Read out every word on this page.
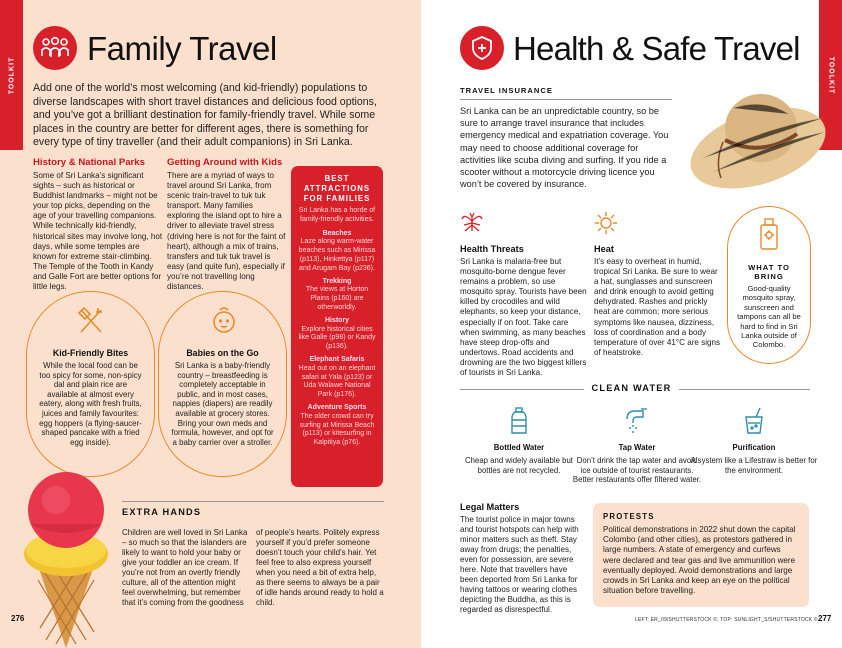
TOOLKIT
Family Travel
Add one of the world’s most welcoming (and kid-friendly) populations to diverse landscapes with short travel distances and delicious food options, and you’ve got a brilliant destination for family-friendly travel. While some places in the country are better for different ages, there is something for every type of tiny traveller (and their adult companions) in Sri Lanka.
History & National Parks
Some of Sri Lanka’s significant sights – such as historical or Buddhist landmarks – might not be your top picks, depending on the age of your travelling companions. While technically kid-friendly, historical sites may involve long, hot days, while some temples are known for extreme stair-climbing. The Temple of the Tooth in Kandy and Galle Fort are better options for little legs.
Getting Around with Kids
There are a myriad of ways to travel around Sri Lanka, from scenic train-travel to tuk tuk transport. Many families exploring the island opt to hire a driver to alleviate travel stress (driving here is not for the faint of heart), although a mix of trains, transfers and tuk tuk travel is easy (and quite fun), especially if you’re not travelling long distances.
BEST ATTRACTIONS FOR FAMILIES
Sri Lanka has a horde of family-friendly activities.
Beaches
Laze along warm-water beaches such as Mirissa (p113), Hinkettya (p117) and Arugam Bay (p236).
Trekking
The views at Horton Plains (p160) are otherworldly.
History
Explore historical cities like Galle (p98) or Kandy (p136).
Elephant Safaris
Head out on an elephant safari at Yala (p123) or Uda Walawe National Park (p176).
Adventure Sports
The older crowd can try surfing at Mirissa Beach (p113) or kitesurfing in Kalpitiya (p76).
Kid-Friendly Bites
While the local food can be too spicy for some, non-spicy dal and plain rice are available at almost every eatery, along with fresh fruits, juices and family favourites: egg hoppers (a flying-saucer-shaped pancake with a fried egg inside).
Babies on the Go
Sri Lanka is a baby-friendly country – breastfeeding is completely acceptable in public, and in most cases, nappies (diapers) are readily available at grocery stores. Bring your own meds and formula, however, and opt for a baby carrier over a stroller.
EXTRA HANDS
Children are well loved in Sri Lanka – so much so that the islanders are likely to want to hold your baby or give your toddler an ice cream. If you’re not from an overtly friendly culture, all of the attention might feel overwhelming, but remember that it’s coming from the goodness
of people’s hearts. Politely express yourself if you’d prefer someone doesn’t touch your child’s hair. Yet feel free to also express yourself when you need a bit of extra help, as there seems to always be a pair of idle hands around ready to hold a child.
276
TOOLKIT
Health & Safe Travel
TRAVEL INSURANCE
Sri Lanka can be an unpredictable country, so be sure to arrange travel insurance that includes emergency medical and expatriation coverage. You may need to choose additional coverage for activities like scuba diving and surfing. If you ride a scooter without a motorcycle driving licence you won’t be covered by insurance.
Health Threats
Sri Lanka is malaria-free but mosquito-borne dengue fever remains a problem, so use mosquito spray. Tourists have been killed by crocodiles and wild elephants, so keep your distance, especially if on foot. Take care when swimming, as many beaches have steep drop-offs and undertows. Road accidents and drowning are the two biggest killers of tourists in Sri Lanka.
Heat
It’s easy to overheat in humid, tropical Sri Lanka. Be sure to wear a hat, sunglasses and sunscreen and drink enough to avoid getting dehydrated. Rashes and prickly heat are common; more serious symptoms like nausea, dizziness, loss of coordination and a body temperature of over 41°C are signs of heatstroke.
WHAT TO BRING
Good-quality mosquito spray, sunscreen and tampons can all be hard to find in Sri Lanka outside of Colombo.
CLEAN WATER
Bottled Water
Cheap and widely available but bottles are not recycled.
Tap Water
Don’t drink the tap water and avoid ice outside of tourist restaurants. Better restaurants offer filtered water.
Purification
A system like a Lifestraw is better for the environment.
Legal Matters
The tourist police in major towns and tourist hotspots can help with minor matters such as theft. Stay away from drugs; the penalties, even for possession, are severe here. Note that travellers have been deported from Sri Lanka for having tattoos or wearing clothes depicting the Buddha, as this is regarded as disrespectful.
PROTESTS
Political demonstrations in 2022 shut down the capital Colombo (and other cities), as protestors gathered in large numbers. A state of emergency and curfews were declared and tear gas and live ammunition were eventually deployed. Avoid demonstrations and large crowds in Sri Lanka and keep an eye on the political situation before travelling.
LEFT: ER_09/SHUTTERSTOCK ©; TOP: SUNLIGHT_S/SHUTTERSTOCK © 277
